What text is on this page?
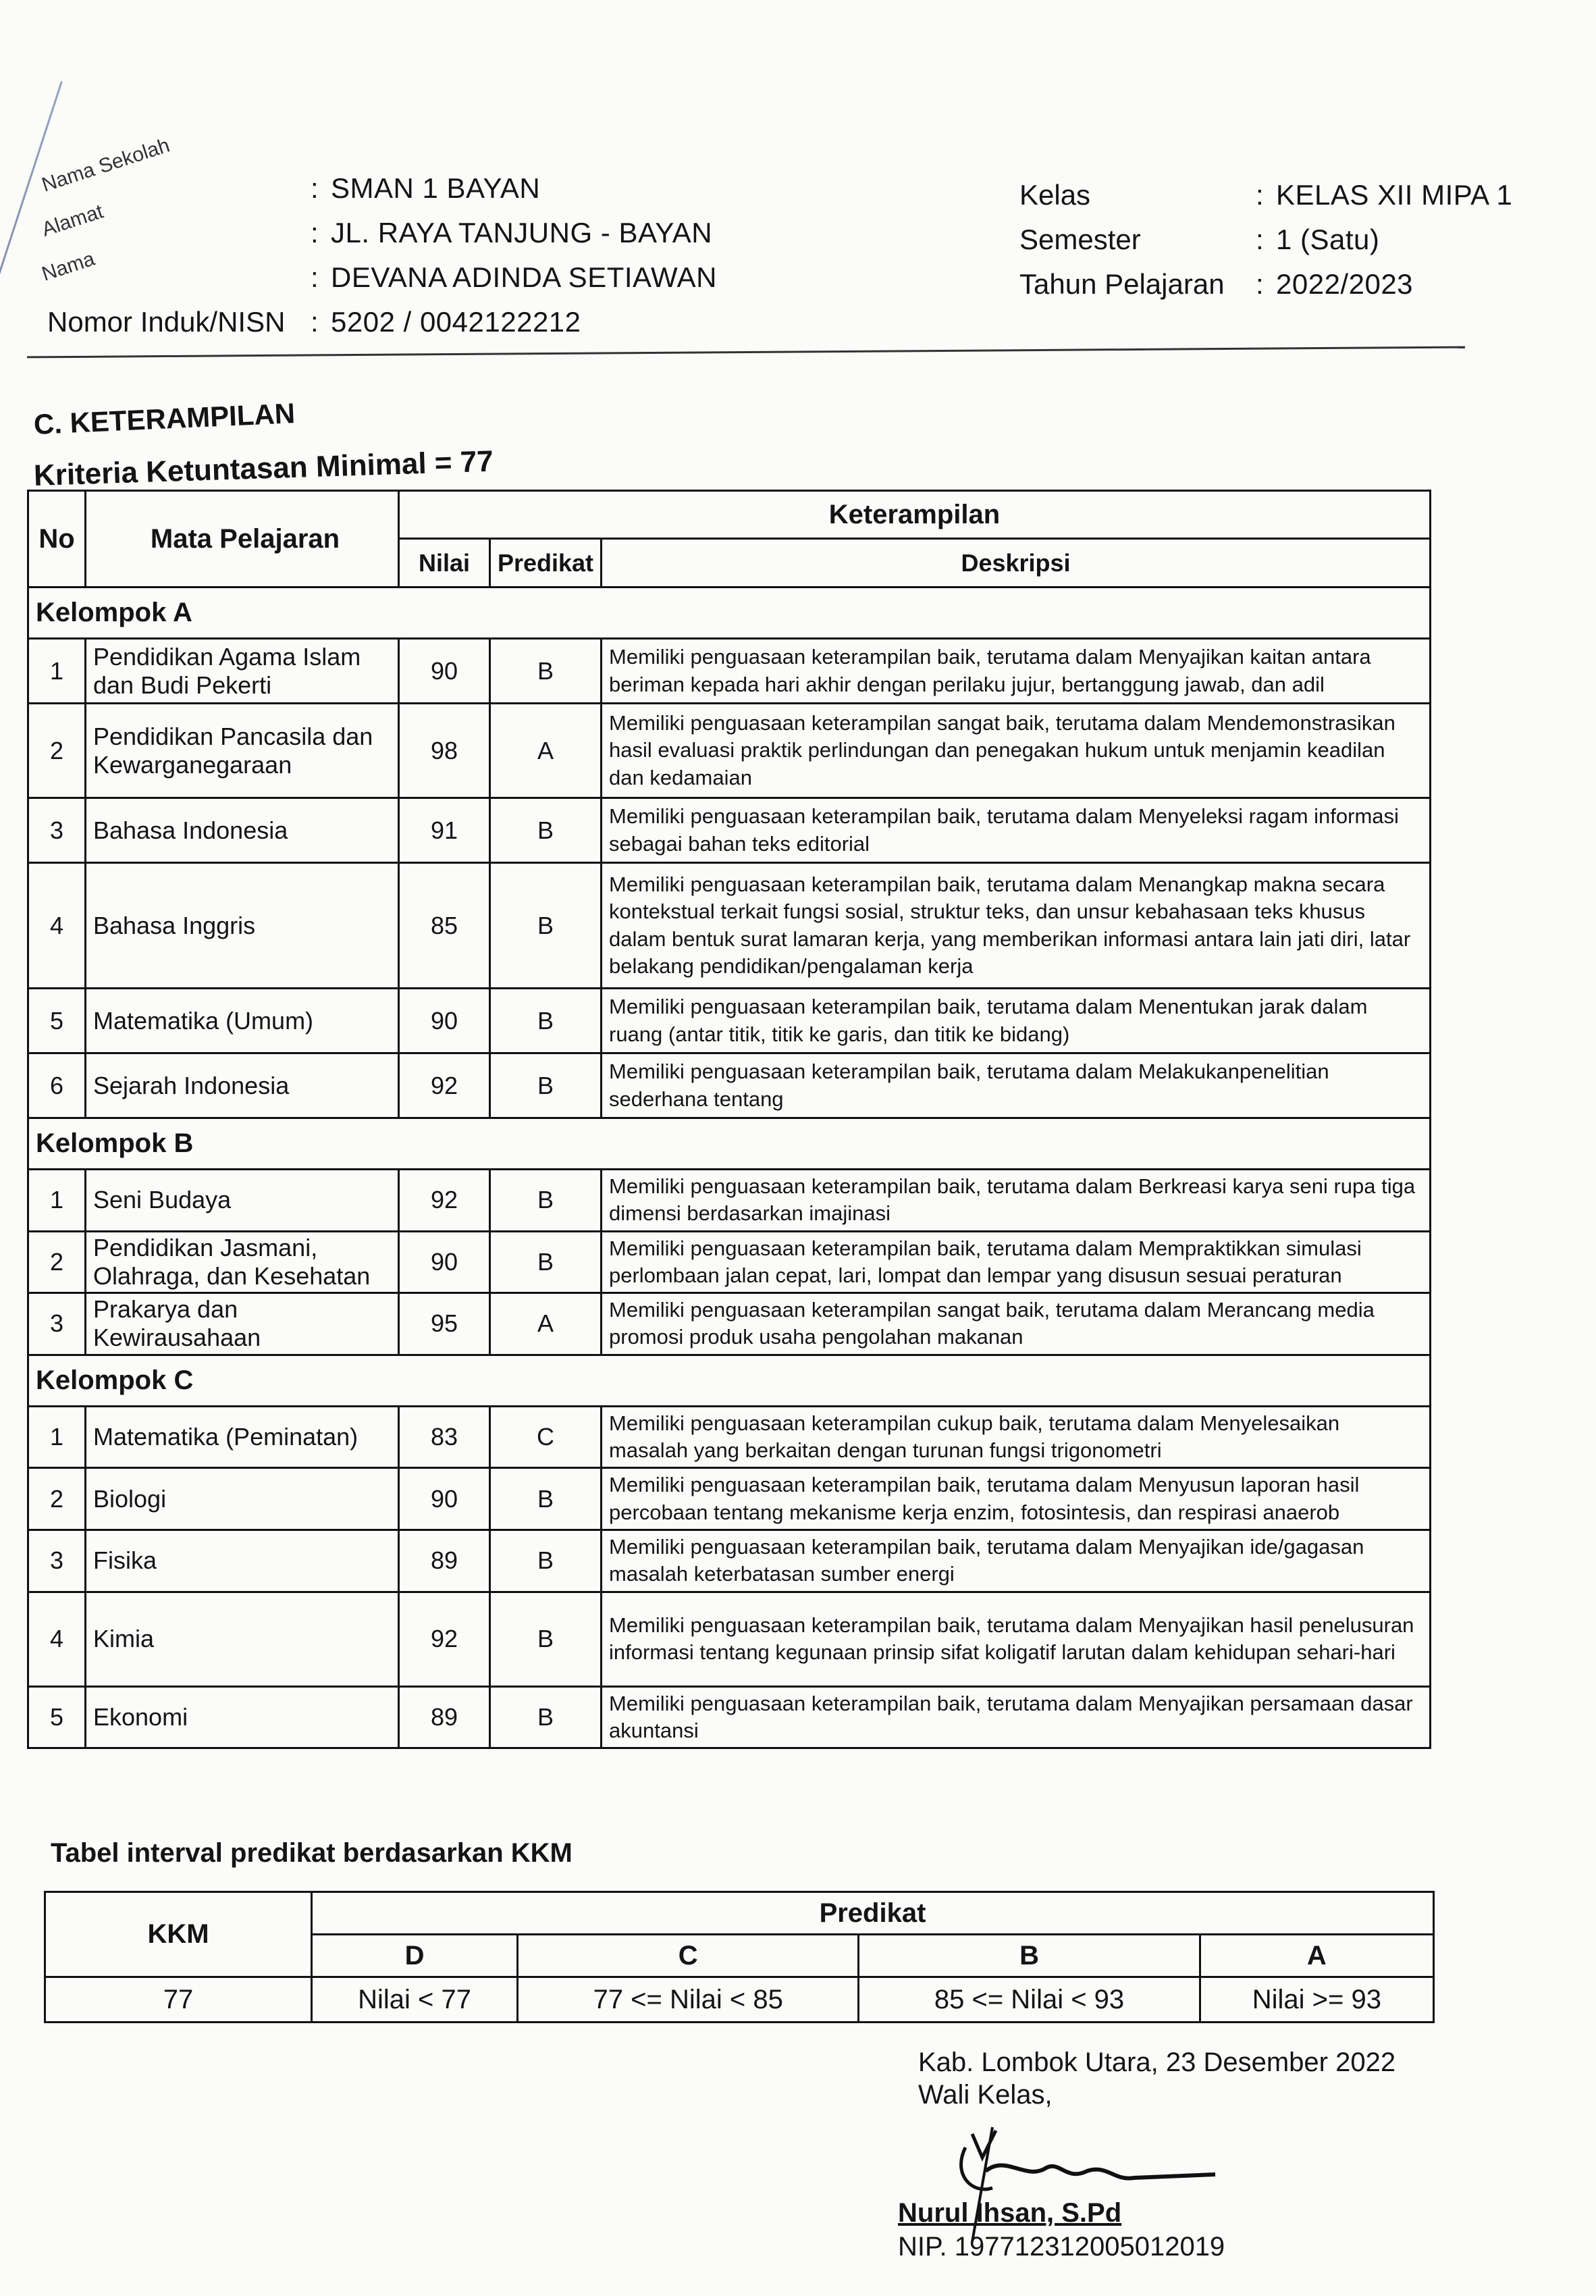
Nama Sekolah	: SMAN 1 BAYAN
Alamat	: JL. RAYA TANJUNG - BAYAN
Nama	: DEVANA ADINDA SETIAWAN
Nomor Induk/NISN : 5202 / 0042122212
Kelas	: KELAS XII MIPA 1
Semester	: 1 (Satu)
Tahun Pelajaran	: 2022/2023
C. KETERAMPILAN
Kriteria Ketuntasan Minimal = 77
No	Mata Pelajaran	Keterampilan		
		Nilai	Predikat	Deskripsi
Kelompok A				
1	Pendidikan Agama Islam dan Budi Pekerti	90	B	Memiliki penguasaan keterampilan baik, terutama dalam Menyajikan kaitan antara beriman kepada hari akhir dengan perilaku jujur, bertanggung jawab, dan adil
2	Pendidikan Pancasila dan Kewarganegaraan	98	A	Memiliki penguasaan keterampilan sangat baik, terutama dalam Mendemonstrasikan hasil evaluasi praktik perlindungan dan penegakan hukum untuk menjamin keadilan dan kedamaian
3	Bahasa Indonesia	91	B	Memiliki penguasaan keterampilan baik, terutama dalam Menyeleksi ragam informasi sebagai bahan teks editorial
4	Bahasa Inggris	85	B	Memiliki penguasaan keterampilan baik, terutama dalam Menangkap makna secara kontekstual terkait fungsi sosial, struktur teks, dan unsur kebahasaan teks khusus dalam bentuk surat lamaran kerja, yang memberikan informasi antara lain jati diri, latar belakang pendidikan/pengalaman kerja
5	Matematika (Umum)	90	B	Memiliki penguasaan keterampilan baik, terutama dalam Menentukan jarak dalam ruang (antar titik, titik ke garis, dan titik ke bidang)
6	Sejarah Indonesia	92	B	Memiliki penguasaan keterampilan baik, terutama dalam Melakukanpenelitian sederhana tentang
Kelompok B				
1	Seni Budaya	92	B	Memiliki penguasaan keterampilan baik, terutama dalam Berkreasi karya seni rupa tiga dimensi berdasarkan imajinasi
2	Pendidikan Jasmani, Olahraga, dan Kesehatan	90	B	Memiliki penguasaan keterampilan baik, terutama dalam Mempraktikkan simulasi perlombaan jalan cepat, lari, lompat dan lempar yang disusun sesuai peraturan
3	Prakarya dan Kewirausahaan	95	A	Memiliki penguasaan keterampilan sangat baik, terutama dalam Merancang media promosi produk usaha pengolahan makanan
Kelompok C				
1	Matematika (Peminatan)	83	C	Memiliki penguasaan keterampilan cukup baik, terutama dalam Menyelesaikan masalah yang berkaitan dengan turunan fungsi trigonometri
2	Biologi	90	B	Memiliki penguasaan keterampilan baik, terutama dalam Menyusun laporan hasil percobaan tentang mekanisme kerja enzim, fotosintesis, dan respirasi anaerob
3	Fisika	89	B	Memiliki penguasaan keterampilan baik, terutama dalam Menyajikan ide/gagasan masalah keterbatasan sumber energi
4	Kimia	92	B	Memiliki penguasaan keterampilan baik, terutama dalam Menyajikan hasil penelusuran informasi tentang kegunaan prinsip sifat koligatif larutan dalam kehidupan sehari-hari
5	Ekonomi	89	B	Memiliki penguasaan keterampilan baik, terutama dalam Menyajikan persamaan dasar akuntansi
Tabel interval predikat berdasarkan KKM
KKM	Predikat			
	D	C	B	A
77	Nilai < 77	77 <= Nilai < 85	85 <= Nilai < 93	Nilai >= 93
Kab. Lombok Utara, 23 Desember 2022
Wali Kelas,
Nurul Ihsan, S.Pd
NIP. 197712312005012019
